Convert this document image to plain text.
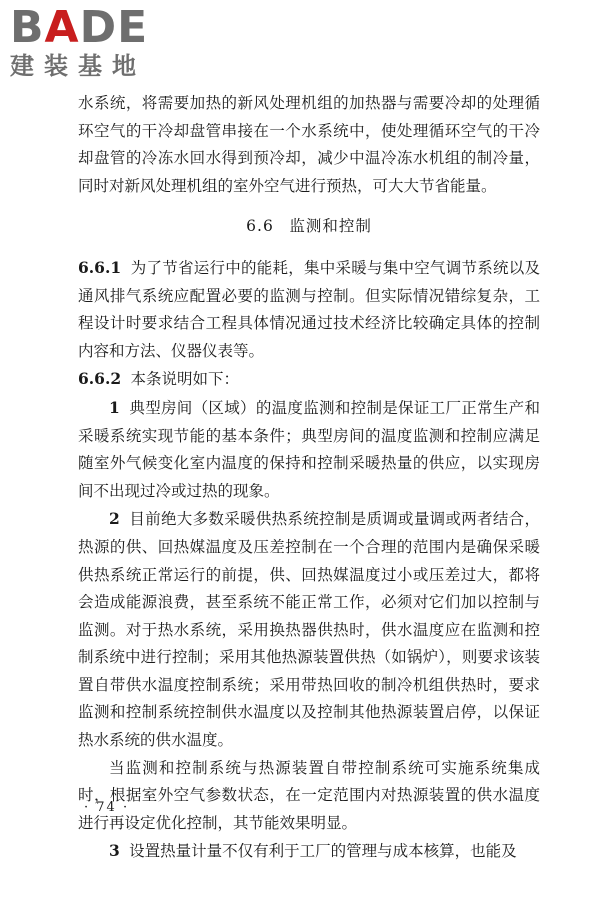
BADE
建装基地

水系统，将需要加热的新风处理机组的加热器与需要冷却的处理循环空气的干冷却盘管串接在一个水系统中，使处理循环空气的干冷却盘管的冷冻水回水得到预冷却，减少中温冷冻水机组的制冷量，同时对新风处理机组的室外空气进行预热，可大大节省能量。

6.6 监测和控制

6.6.1 为了节省运行中的能耗，集中采暖与集中空气调节系统以及通风排气系统应配置必要的监测与控制。但实际情况错综复杂，工程设计时要求结合工程具体情况通过技术经济比较确定具体的控制内容和方法、仪器仪表等。

6.6.2 本条说明如下：

1 典型房间（区域）的温度监测和控制是保证工厂正常生产和采暖系统实现节能的基本条件；典型房间的温度监测和控制应满足随室外气候变化室内温度的保持和控制采暖热量的供应，以实现房间不出现过冷或过热的现象。

2 目前绝大多数采暖供热系统控制是质调或量调或两者结合，热源的供、回热媒温度及压差控制在一个合理的范围内是确保采暖供热系统正常运行的前提，供、回热媒温度过小或压差过大，都将会造成能源浪费，甚至系统不能正常工作，必须对它们加以控制与监测。对于热水系统，采用换热器供热时，供水温度应在监测和控制系统中进行控制；采用其他热源装置供热（如锅炉），则要求该装置自带供水温度控制系统；采用带热回收的制冷机组供热时，要求监测和控制系统控制供水温度以及控制其他热源装置启停，以保证热水系统的供水温度。

当监测和控制系统与热源装置自带控制系统可实施系统集成时，根据室外空气参数状态，在一定范围内对热源装置的供水温度进行再设定优化控制，其节能效果明显。

3 设置热量计量不仅有利于工厂的管理与成本核算，也能及

· 74 ·
